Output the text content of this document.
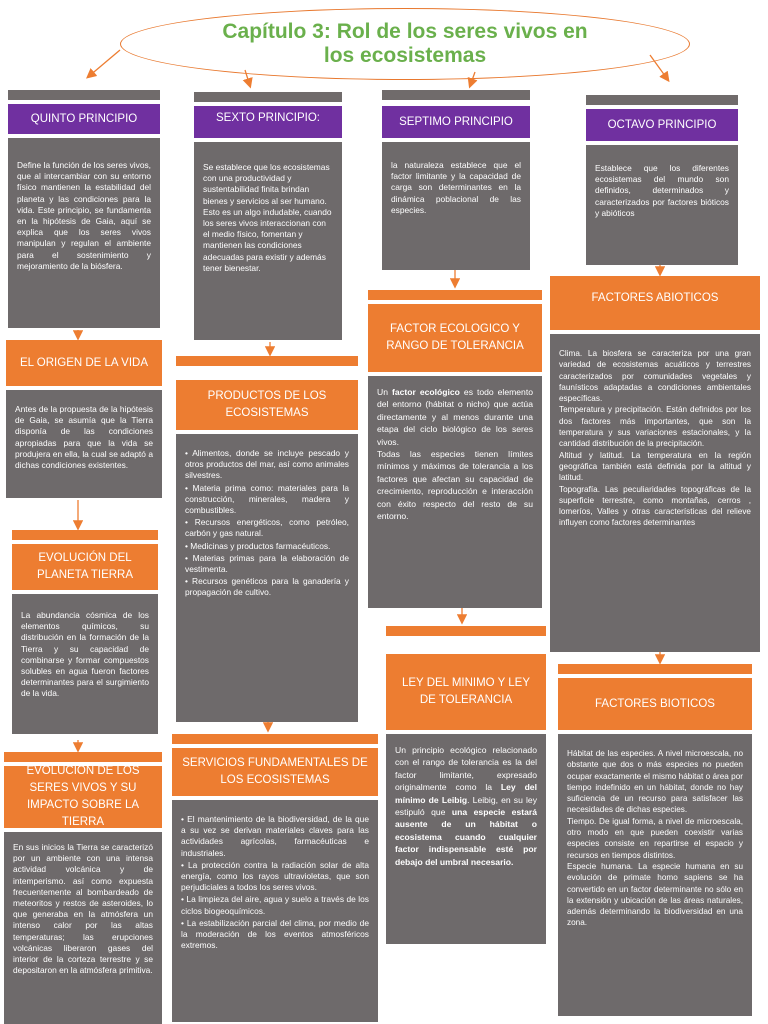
Capítulo 3: Rol de los seres vivos en los ecosistemas
QUINTO PRINCIPIO
Define la función de los seres vivos, que al intercambiar con su entorno físico mantienen la estabilidad del planeta y las condiciones para la vida. Este principio, se fundamenta en la hipótesis de Gaia, aquí se explica que los seres vivos manipulan y regulan el ambiente para el sostenimiento y mejoramiento de la biósfera.
SEXTO PRINCIPIO:
Se establece que los ecosistemas con una productividad y sustentabilidad finita brindan bienes y servicios al ser humano. Esto es un algo indudable, cuando los seres vivos interaccionan con el medio físico, fomentan y mantienen las condiciones adecuadas para existir y además tener bienestar.
SEPTIMO PRINCIPIO
la naturaleza establece que el factor limitante y la capacidad de carga son determinantes en la dinámica poblacional de las especies.
OCTAVO PRINCIPIO
Establece que los diferentes ecosistemas del mundo son definidos, determinados y caracterizados por factores bióticos y abióticos
EL ORIGEN DE LA VIDA
Antes de la propuesta de la hipótesis de Gaia, se asumía que la Tierra disponía de las condiciones apropiadas para que la vida se produjera en ella, la cual se adaptó a dichas condiciones existentes.
EVOLUCIÓN DEL PLANETA TIERRA
La abundancia cósmica de los elementos químicos, su distribución en la formación de la Tierra y su capacidad de combinarse y formar compuestos solubles en agua fueron factores determinantes para el surgimiento de la vida.
EVOLUCIÓN DE LOS SERES VIVOS Y SU IMPACTO SOBRE LA TIERRA
En sus inicios la Tierra se caracterizó por un ambiente con una intensa actividad volcánica y de intemperismo. así como expuesta frecuentemente al bombardeado de meteoritos y restos de asteroides, lo que generaba en la atmósfera un intenso calor por las altas temperaturas; las erupciones volcánicas liberaron gases del interior de la corteza terrestre y se depositaron en la atmósfera primitiva.
PRODUCTOS DE LOS ECOSISTEMAS
• Alimentos, donde se incluye pescado y otros productos del mar, así como animales silvestres.
• Materia prima como: materiales para la construcción, minerales, madera y combustibles.
• Recursos energéticos, como petróleo, carbón y gas natural.
• Medicinas y productos farmacéuticos.
• Materias primas para la elaboración de vestimenta.
• Recursos genéticos para la ganadería y propagación de cultivo.
SERVICIOS FUNDAMENTALES DE LOS ECOSISTEMAS
• El mantenimiento de la biodiversidad, de la que a su vez se derivan materiales claves para las actividades agrícolas, farmacéuticas e industriales.
• La protección contra la radiación solar de alta energía, como los rayos ultravioletas, que son perjudiciales a todos los seres vivos.
• La limpieza del aire, agua y suelo a través de los ciclos biogeoquímicos.
• La estabilización parcial del clima, por medio de la moderación de los eventos atmosféricos extremos.
FACTOR ECOLOGICO Y RANGO DE TOLERANCIA

Un factor ecológico es todo elemento del entorno (hábitat o nicho) que actúa directamente y al menos durante una etapa del ciclo biológico de los seres vivos.

Todas las especies tienen límites mínimos y máximos de tolerancia a los factores que afectan su capacidad de crecimiento, reproducción e interacción con éxito respecto del resto de su entorno.

LEY DEL MINIMO Y LEY DE TOLERANCIA

Un principio ecológico relacionado con el rango de tolerancia es la del factor limitante, expresado originalmente como la Ley del mínimo de Leibig. Leibig, en su ley estipuló que una especie estará ausente de un hábitat o ecosistema cuando cualquier factor indispensable esté por debajo del umbral necesario.

FACTORES ABIOTICOS

Clima. La biosfera se caracteriza por una gran variedad de ecosistemas acuáticos y terrestres caracterizados por comunidades vegetales y faunísticos adaptadas a condiciones ambientales específicas.

Temperatura y precipitación. Están definidos por los dos factores más importantes, que son la temperatura y sus variaciones estacionales, y la cantidad distribución de la precipitación.

Altitud y latitud. La temperatura en la región geográfica también está definida por la altitud y latitud.

Topografía. Las peculiaridades topográficas de la superficie terrestre, como montañas, cerros , lomeríos, Valles y otras características del relieve influyen como factores determinantes

FACTORES BIOTICOS

Hábitat de las especies. A nivel microescala, no obstante que dos o más especies no pueden ocupar exactamente el mismo hábitat o área por tiempo indefinido en un hábitat, donde no hay suficiencia de un recurso para satisfacer las necesidades de dichas especies.

Tiempo. De igual forma, a nivel de microescala, otro modo en que pueden coexistir varias especies consiste en repartirse el espacio y recursos en tiempos distintos.

Especie humana. La especie humana en su evolución de primate homo sapiens se ha convertido en un factor determinante no sólo en la extensión y ubicación de las áreas naturales, además determinando la biodiversidad en una zona.
